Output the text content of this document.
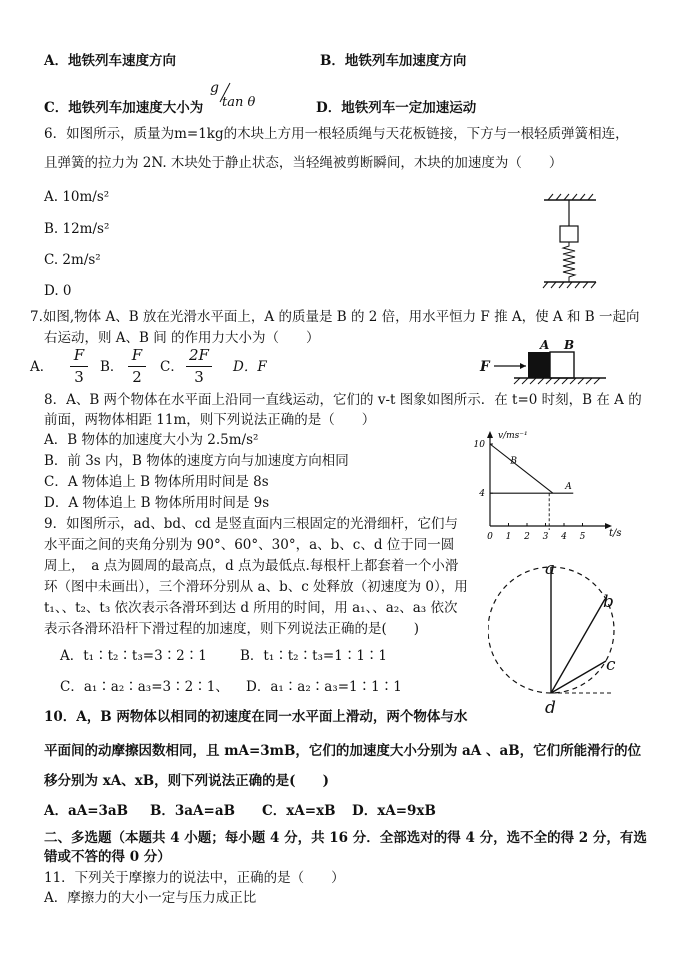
A．地铁列车速度方向	B．地铁列车加速度方向
C．地铁列车加速度大小为
g
tan θ	D．地铁列车一定加速运动
6．如图所示，质量为m=1kg的木块上方用一根轻质绳与天花板链接，下方与一根轻质弹簧相连，
且弹簧的拉力为 2N. 木块处于静止状态，当轻绳被剪断瞬间，木块的加速度为（　　）
A. 10m/s²
B. 12m/s²
C. 2m/s²
D. 0
7.如图,物体 A、B 放在光滑水平面上，A 的质量是 B 的 2 倍，用水平恒力 F 推 A，使 A 和 B 一起向
右运动，则 A、B 间 的作用力大小为（　　）
A．
F
3
B．
F
2
C．
2F
3
D．F	F
A B
8．A、B 两个物体在水平面上沿同一直线运动，它们的 v-t 图象如图所示．在 t=0 时刻，B 在 A 的
前面，两物体相距 11m，则下列说法正确的是（　　）
A．B 物体的加速度大小为 2.5m/s²
B．前 3s 内，B 物体的速度方向与加速度方向相同
C．A 物体追上 B 物体所用时间是 8s
D．A 物体追上 B 物体所用时间是 9s
0 1 2 3 4 5
10
4
v/ms⁻¹
t/s
B
A
9．如图所示，ad、bd、cd 是竖直面内三根固定的光滑细杆，它们与
水平面之间的夹角分别为 90°、60°、30°，a、b、c、d 位于同一圆
周上，　a 点为圆周的最高点，d 点为最低点.每根杆上都套着一个小滑
环（图中未画出），三个滑环分别从 a、b、c 处释放（初速度为 0），用
t₁、、t₂、t₃ 依次表示各滑环到达 d 所用的时间，用 a₁、、a₂、a₃ 依次
表示各滑环沿杆下滑过程的加速度，则下列说法正确的是(　　)
A．t₁∶t₂∶t₃=3∶2∶1 B．t₁∶t₂∶t₃=1∶1∶1
C．a₁∶a₂∶a₃=3∶2∶1、 D．a₁∶a₂∶a₃=1∶1∶1
a
b
c
d
10．A，B 两物体以相同的初速度在同一水平面上滑动，两个物体与水
平面间的动摩擦因数相同，且 mA=3mB，它们的加速度大小分别为 aA 、aB，它们所能滑行的位
移分别为 xA、xB，则下列说法正确的是(　　)
A．aA=3aB B．3aA=aB C．xA=xB D．xA=9xB
二、多选题（本题共 4 小题；每小题 4 分，共 16 分．全部选对的得 4 分，选不全的得 2 分，有选
错或不答的得 0 分）
11．下列关于摩擦力的说法中，正确的是（　　）
A．摩擦力的大小一定与压力成正比
